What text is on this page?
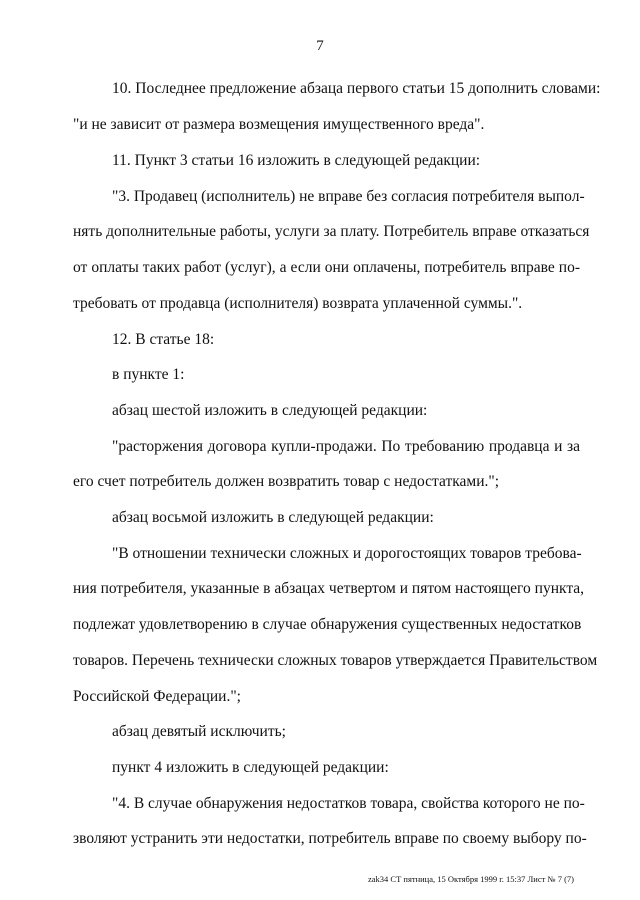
7
10. Последнее предложение абзаца первого статьи 15 дополнить словами:
"и не зависит от размера возмещения имущественного вреда".
11. Пункт 3 статьи 16 изложить в следующей редакции:
"3. Продавец (исполнитель) не вправе без согласия потребителя выпол-
нять дополнительные работы, услуги за плату. Потребитель вправе отказаться
от оплаты таких работ (услуг), а если они оплачены, потребитель вправе по-
требовать от продавца (исполнителя) возврата уплаченной суммы.".
12. В статье 18:
в пункте 1:
абзац шестой изложить в следующей редакции:
"расторжения договора купли-продажи. По требованию продавца и за
его счет потребитель должен возвратить товар с недостатками.";
абзац восьмой изложить в следующей редакции:
"В отношении технически сложных и дорогостоящих товаров требова-
ния потребителя, указанные в абзацах четвертом и пятом настоящего пункта,
подлежат удовлетворению в случае обнаружения существенных недостатков
товаров. Перечень технически сложных товаров утверждается Правительством
Российской Федерации.";
абзац девятый исключить;
пункт 4 изложить в следующей редакции:
"4. В случае обнаружения недостатков товара, свойства которого не по-
зволяют устранить эти недостатки, потребитель вправе по своему выбору по-
zak34 СТ пятница, 15 Октября 1999 г. 15:37 Лист № 7 (7)
